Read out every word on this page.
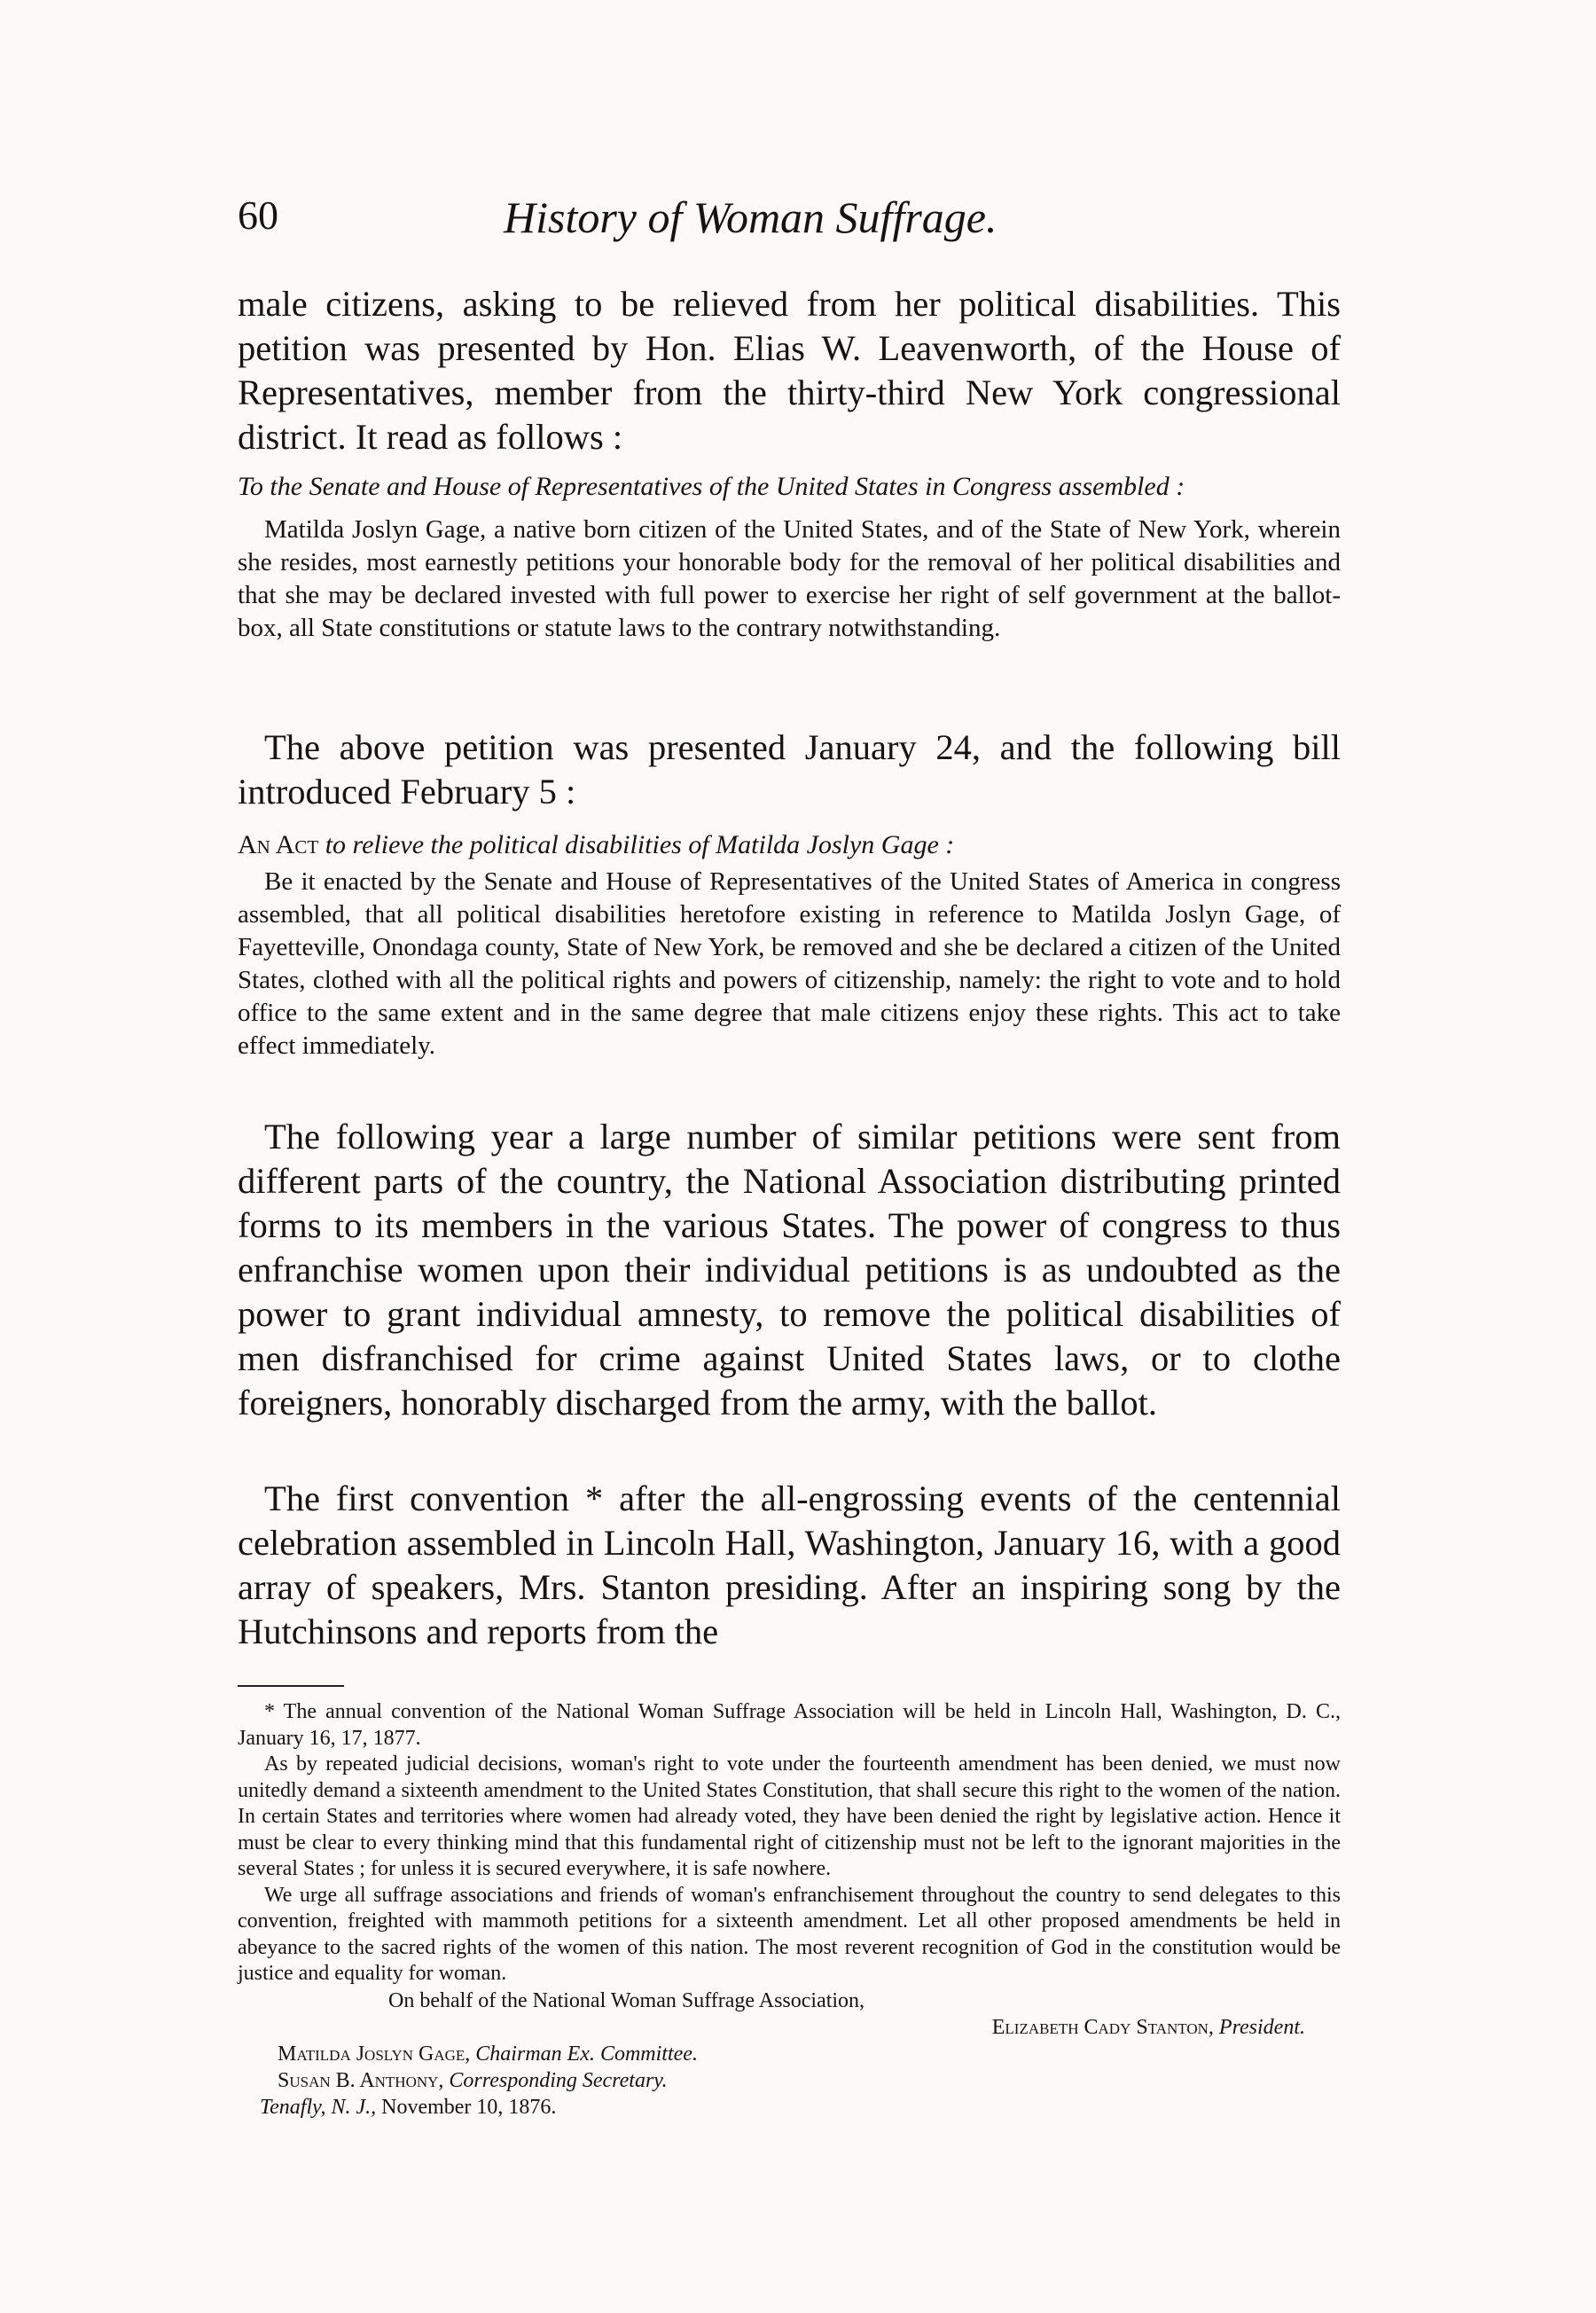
60	History of Woman Suffrage.

male citizens, asking to be relieved from her political disabilities. This petition was presented by Hon. Elias W. Leavenworth, of the House of Representatives, member from the thirty-third New York congressional district. It read as follows :

To the Senate and House of Representatives of the United States in Congress assembled :

Matilda Joslyn Gage, a native born citizen of the United States, and of the State of New York, wherein she resides, most earnestly petitions your honorable body for the removal of her political disabilities and that she may be declared invested with full power to exercise her right of self government at the ballot-box, all State constitutions or statute laws to the contrary notwithstanding.

The above petition was presented January 24, and the following bill introduced February 5 :

An Act to relieve the political disabilities of Matilda Joslyn Gage :

Be it enacted by the Senate and House of Representatives of the United States of America in congress assembled, that all political disabilities heretofore existing in reference to Matilda Joslyn Gage, of Fayetteville, Onondaga county, State of New York, be removed and she be declared a citizen of the United States, clothed with all the political rights and powers of citizenship, namely: the right to vote and to hold office to the same extent and in the same degree that male citizens enjoy these rights. This act to take effect immediately.

The following year a large number of similar petitions were sent from different parts of the country, the National Association distributing printed forms to its members in the various States. The power of congress to thus enfranchise women upon their individual petitions is as undoubted as the power to grant individual amnesty, to remove the political disabilities of men disfranchised for crime against United States laws, or to clothe foreigners, honorably discharged from the army, with the ballot.

The first convention * after the all-engrossing events of the centennial celebration assembled in Lincoln Hall, Washington, January 16, with a good array of speakers, Mrs. Stanton presiding. After an inspiring song by the Hutchinsons and reports from the

* The annual convention of the National Woman Suffrage Association will be held in Lincoln Hall, Washington, D. C., January 16, 17, 1877.

As by repeated judicial decisions, woman's right to vote under the fourteenth amendment has been denied, we must now unitedly demand a sixteenth amendment to the United States Constitution, that shall secure this right to the women of the nation. In certain States and territories where women had already voted, they have been denied the right by legislative action. Hence it must be clear to every thinking mind that this fundamental right of citizenship must not be left to the ignorant majorities in the several States ; for unless it is secured everywhere, it is safe nowhere.

We urge all suffrage associations and friends of woman's enfranchisement throughout the country to send delegates to this convention, freighted with mammoth petitions for a sixteenth amendment. Let all other proposed amendments be held in abeyance to the sacred rights of the women of this nation. The most reverent recognition of God in the constitution would be justice and equality for woman.

On behalf of the National Woman Suffrage Association,

Elizabeth Cady Stanton, President.

Matilda Joslyn Gage, Chairman Ex. Committee.

Susan B. Anthony, Corresponding Secretary.

Tenafly, N. J., November 10, 1876.
